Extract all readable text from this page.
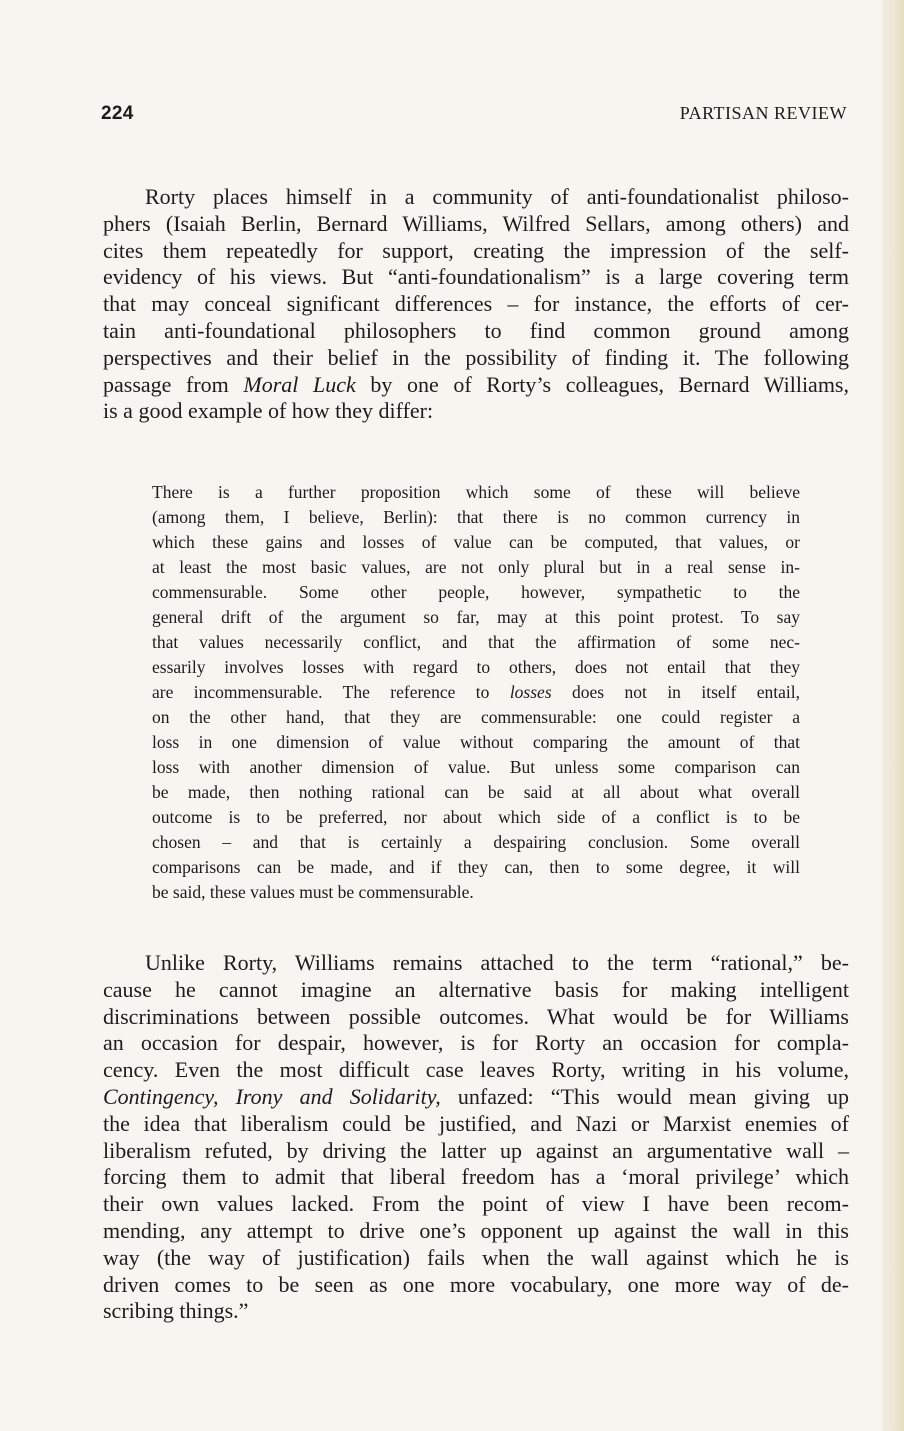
224	PARTISAN REVIEW
Rorty places himself in a community of anti-foundationalist philoso-
phers (Isaiah Berlin, Bernard Williams, Wilfred Sellars, among others) and
cites them repeatedly for support, creating the impression of the self-
evidency of his views. But “anti-foundationalism” is a large covering term
that may conceal significant differences – for instance, the efforts of cer-
tain anti-foundational philosophers to find common ground among
perspectives and their belief in the possibility of finding it. The following
passage from Moral Luck by one of Rorty’s colleagues, Bernard Williams,
is a good example of how they differ:
There is a further proposition which some of these will believe
(among them, I believe, Berlin): that there is no common currency in
which these gains and losses of value can be computed, that values, or
at least the most basic values, are not only plural but in a real sense in-
commensurable. Some other people, however, sympathetic to the
general drift of the argument so far, may at this point protest. To say
that values necessarily conflict, and that the affirmation of some nec-
essarily involves losses with regard to others, does not entail that they
are incommensurable. The reference to losses does not in itself entail,
on the other hand, that they are commensurable: one could register a
loss in one dimension of value without comparing the amount of that
loss with another dimension of value. But unless some comparison can
be made, then nothing rational can be said at all about what overall
outcome is to be preferred, nor about which side of a conflict is to be
chosen – and that is certainly a despairing conclusion. Some overall
comparisons can be made, and if they can, then to some degree, it will
be said, these values must be commensurable.
Unlike Rorty, Williams remains attached to the term “rational,” be-
cause he cannot imagine an alternative basis for making intelligent
discriminations between possible outcomes. What would be for Williams
an occasion for despair, however, is for Rorty an occasion for compla-
cency. Even the most difficult case leaves Rorty, writing in his volume,
Contingency, Irony and Solidarity, unfazed: “This would mean giving up
the idea that liberalism could be justified, and Nazi or Marxist enemies of
liberalism refuted, by driving the latter up against an argumentative wall –
forcing them to admit that liberal freedom has a ‘moral privilege’ which
their own values lacked. From the point of view I have been recom-
mending, any attempt to drive one’s opponent up against the wall in this
way (the way of justification) fails when the wall against which he is
driven comes to be seen as one more vocabulary, one more way of de-
scribing things.”
